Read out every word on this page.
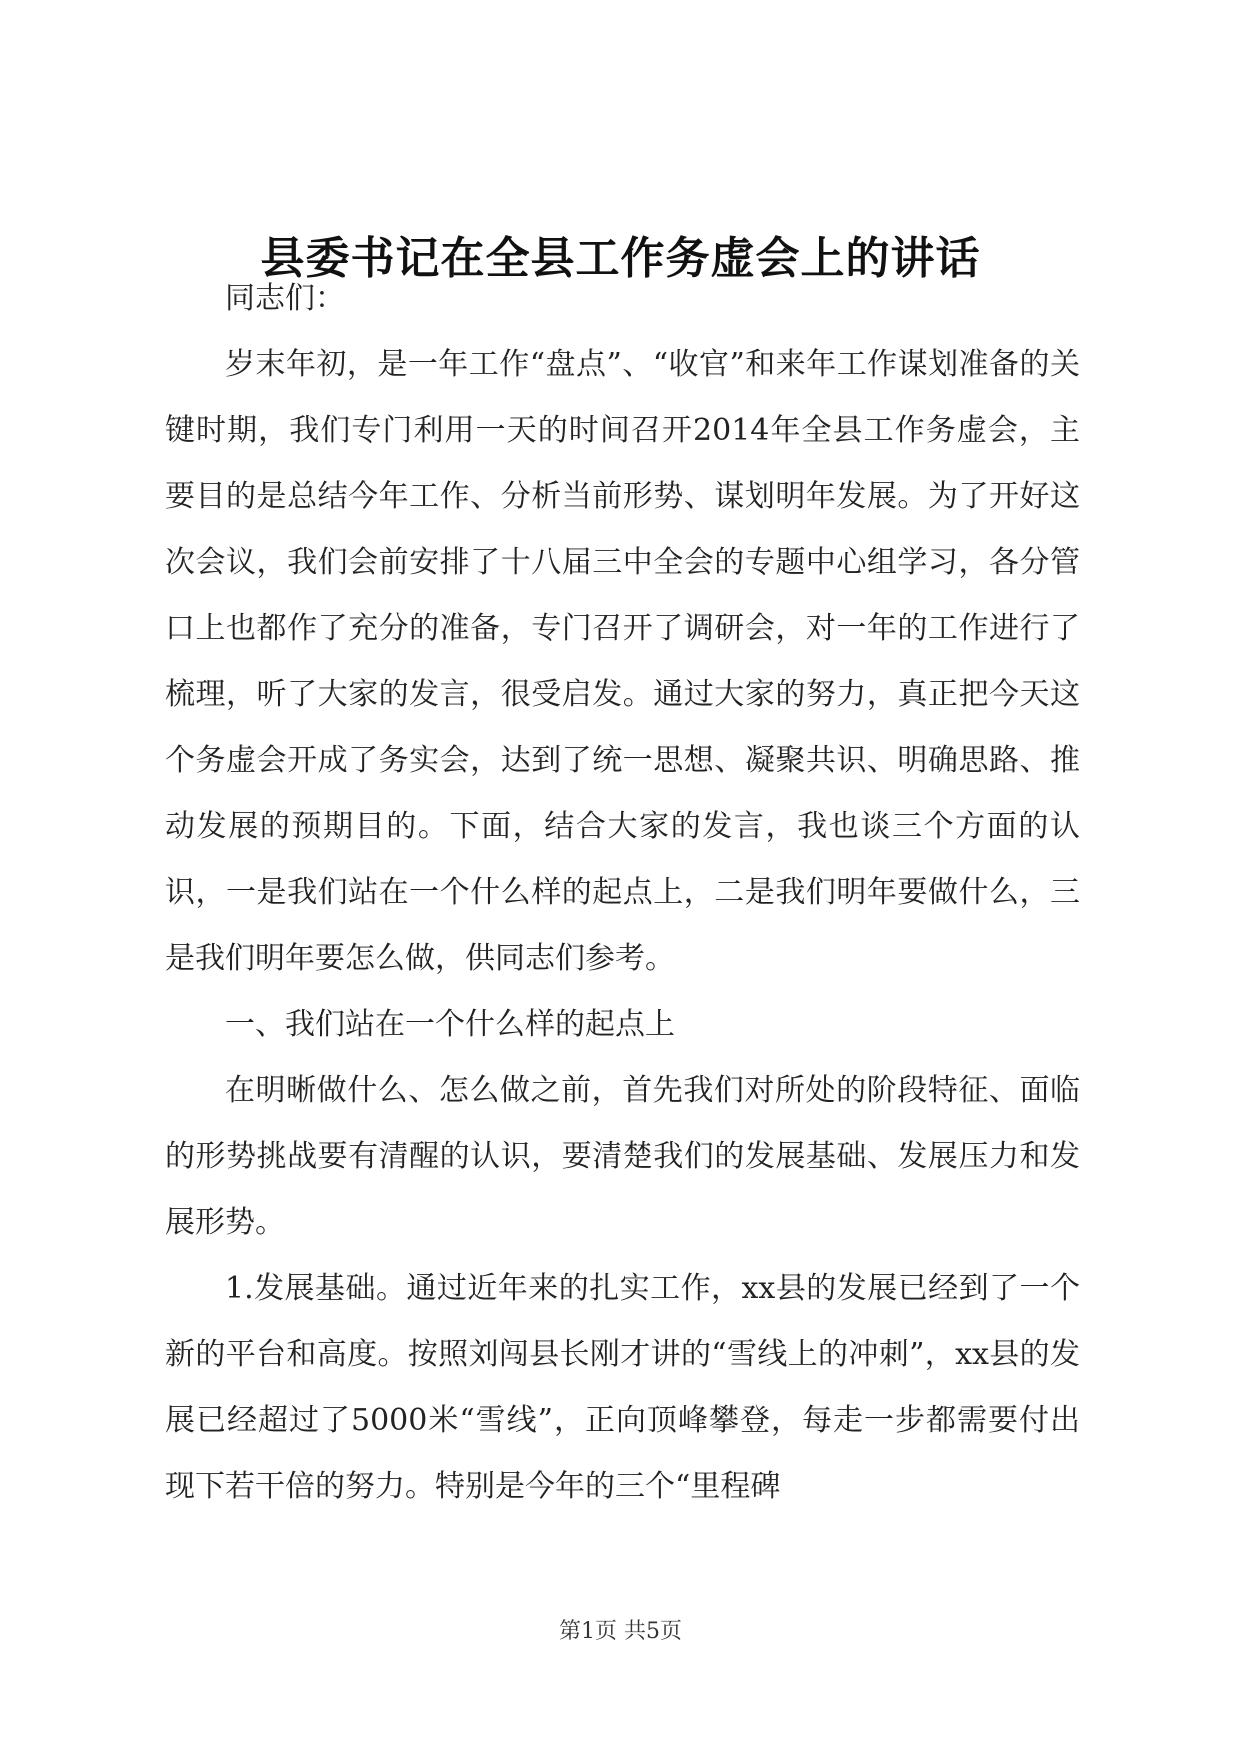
县委书记在全县工作务虚会上的讲话

同志们：

岁末年初，是一年工作“盘点”、“收官”和来年工作谋划准备的关键时期，我们专门利用一天的时间召开2014年全县工作务虚会，主要目的是总结今年工作、分析当前形势、谋划明年发展。为了开好这次会议，我们会前安排了十八届三中全会的专题中心组学习，各分管口上也都作了充分的准备，专门召开了调研会，对一年的工作进行了梳理，听了大家的发言，很受启发。通过大家的努力，真正把今天这个务虚会开成了务实会，达到了统一思想、凝聚共识、明确思路、推动发展的预期目的。下面，结合大家的发言，我也谈三个方面的认识，一是我们站在一个什么样的起点上，二是我们明年要做什么，三是我们明年要怎么做，供同志们参考。

一、我们站在一个什么样的起点上

在明晰做什么、怎么做之前，首先我们对所处的阶段特征、面临的形势挑战要有清醒的认识，要清楚我们的发展基础、发展压力和发展形势。

1.发展基础。通过近年来的扎实工作，xx县的发展已经到了一个新的平台和高度。按照刘闯县长刚才讲的“雪线上的冲刺”，xx县的发展已经超过了5000米“雪线”，正向顶峰攀登，每走一步都需要付出现下若干倍的努力。特别是今年的三个“里程碑

第1页 共5页
